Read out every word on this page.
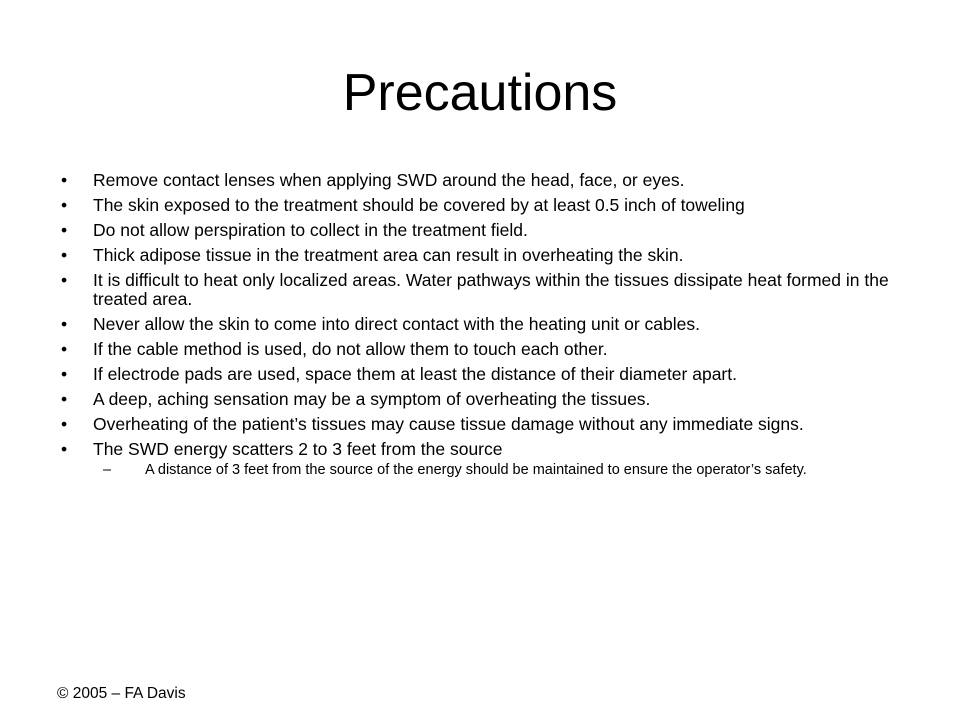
Precautions
• Remove contact lenses when applying SWD around the head, face, or eyes.
• The skin exposed to the treatment should be covered by at least 0.5 inch of toweling
• Do not allow perspiration to collect in the treatment field.
• Thick adipose tissue in the treatment area can result in overheating the skin.
• It is difficult to heat only localized areas. Water pathways within the tissues dissipate heat formed in the treated area.
• Never allow the skin to come into direct contact with the heating unit or cables.
• If the cable method is used, do not allow them to touch each other.
• If electrode pads are used, space them at least the distance of their diameter apart.
• A deep, aching sensation may be a symptom of overheating the tissues.
• Overheating of the patient’s tissues may cause tissue damage without any immediate signs.
• The SWD energy scatters 2 to 3 feet from the source
– A distance of 3 feet from the source of the energy should be maintained to ensure the operator’s safety.
© 2005 – FA Davis
